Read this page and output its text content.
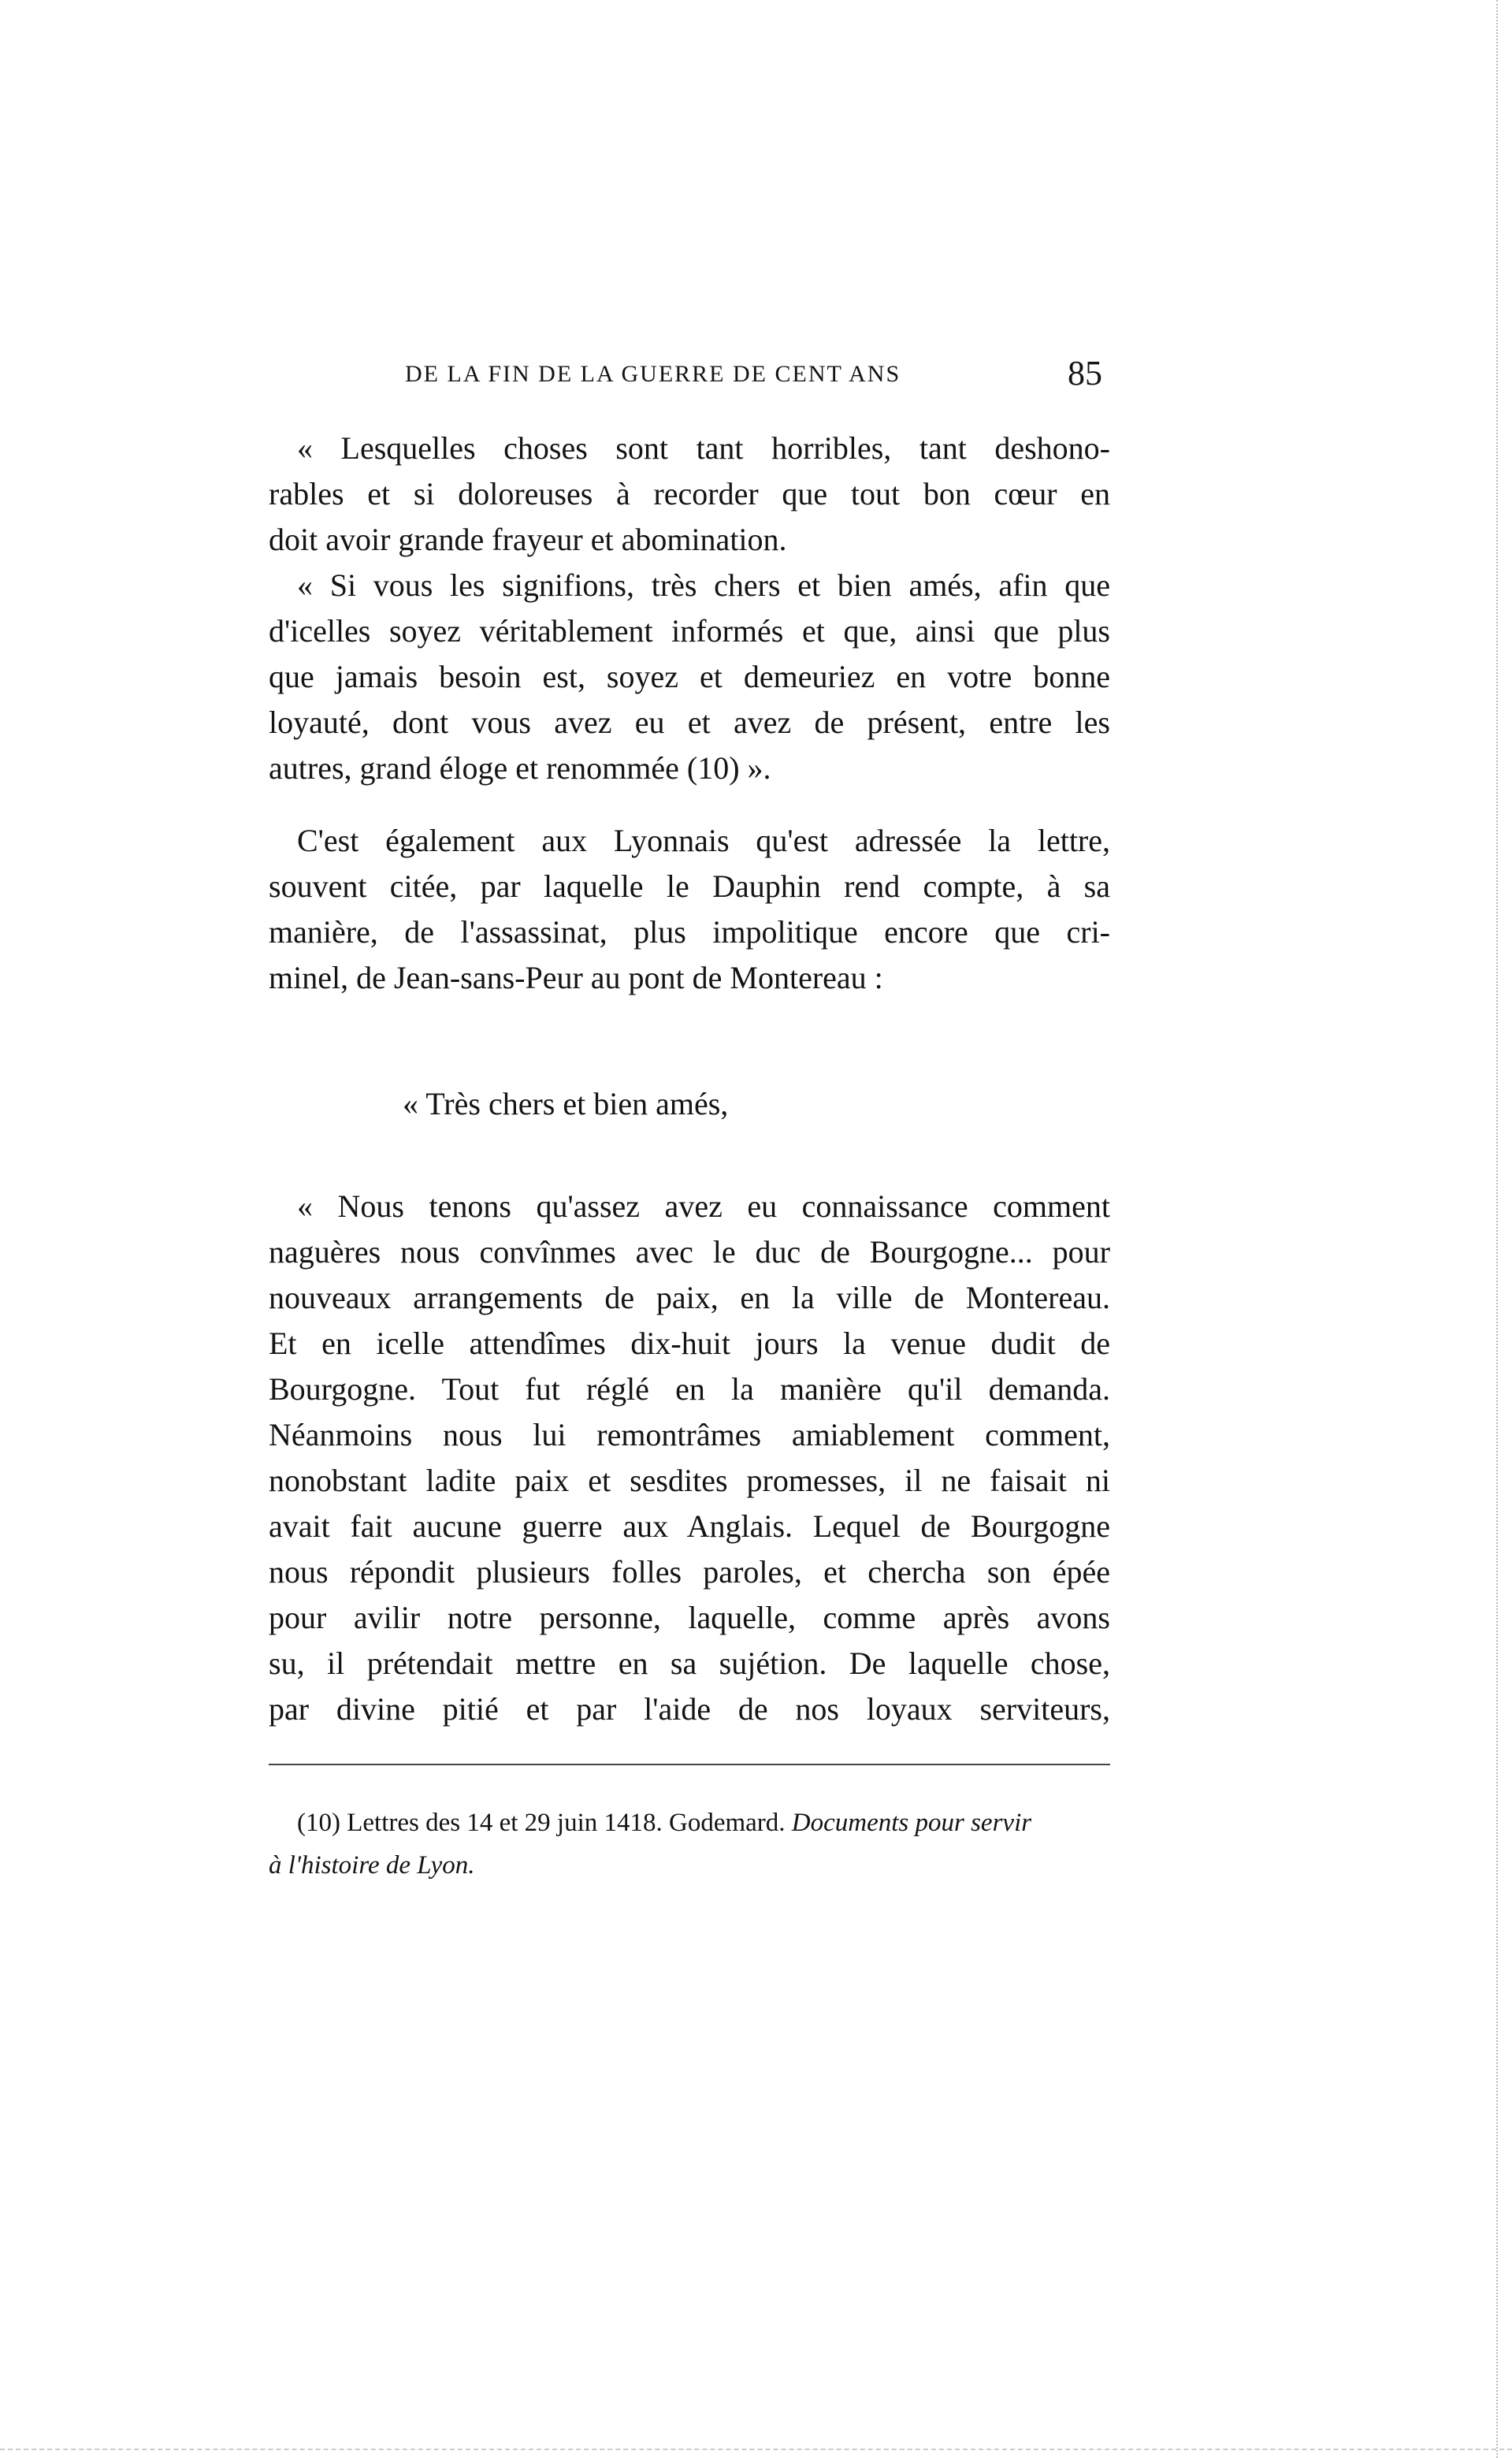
DE LA FIN DE LA GUERRE DE CENT ANS	85
« Lesquelles choses sont tant horribles, tant deshono-
rables et si doloreuses à recorder que tout bon cœur en
doit avoir grande frayeur et abomination.
« Si vous les signifions, très chers et bien amés, afin que
d'icelles soyez véritablement informés et que, ainsi que plus
que jamais besoin est, soyez et demeuriez en votre bonne
loyauté, dont vous avez eu et avez de présent, entre les
autres, grand éloge et renommée (10) ».
C'est également aux Lyonnais qu'est adressée la lettre,
souvent citée, par laquelle le Dauphin rend compte, à sa
manière, de l'assassinat, plus impolitique encore que cri-
minel, de Jean-sans-Peur au pont de Montereau :
« Très chers et bien amés,
« Nous tenons qu'assez avez eu connaissance comment
naguères nous convînmes avec le duc de Bourgogne... pour
nouveaux arrangements de paix, en la ville de Montereau.
Et en icelle attendîmes dix-huit jours la venue dudit de
Bourgogne. Tout fut réglé en la manière qu'il demanda.
Néanmoins nous lui remontrâmes amiablement comment,
nonobstant ladite paix et sesdites promesses, il ne faisait ni
avait fait aucune guerre aux Anglais. Lequel de Bourgogne
nous répondit plusieurs folles paroles, et chercha son épée
pour avilir notre personne, laquelle, comme après avons
su, il prétendait mettre en sa sujétion. De laquelle chose,
par divine pitié et par l'aide de nos loyaux serviteurs,
(10) Lettres des 14 et 29 juin 1418. Godemard. Documents pour servir
à l'histoire de Lyon.
